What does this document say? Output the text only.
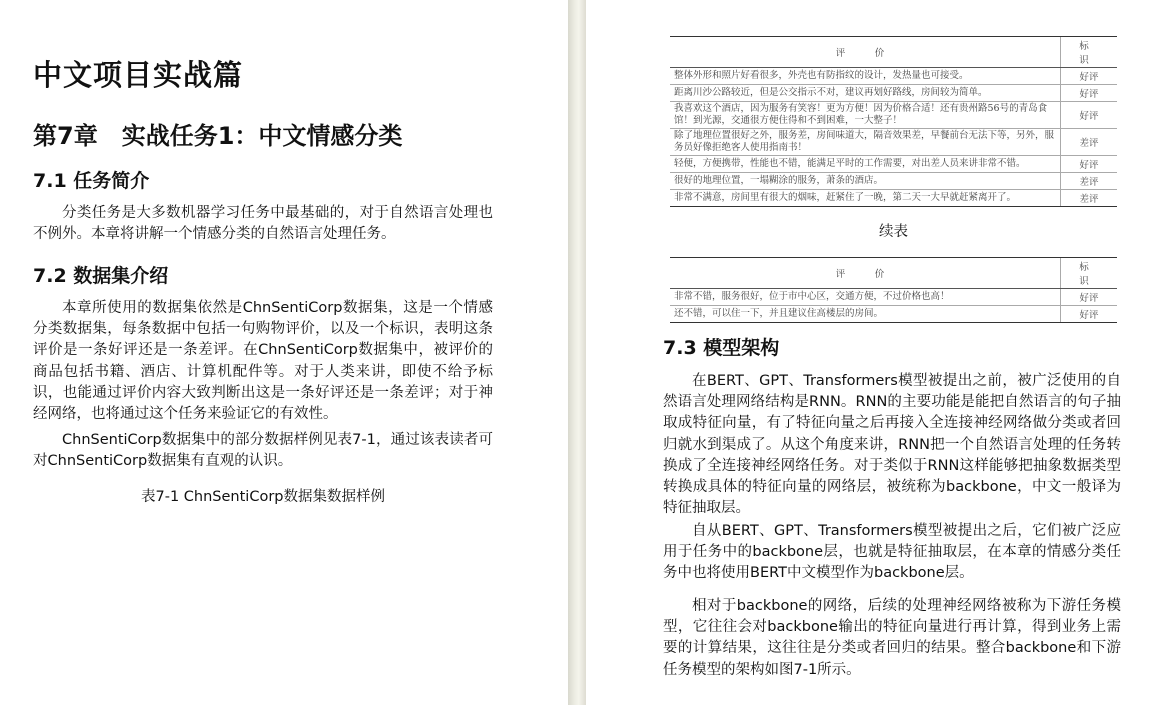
中文项目实战篇
第7章　实战任务1：中文情感分类
7.1 任务简介

分类任务是大多数机器学习任务中最基础的，对于自然语言处理也不例外。本章将讲解一个情感分类的自然语言处理任务。

7.2 数据集介绍

本章所使用的数据集依然是ChnSentiCorp数据集，这是一个情感分类数据集，每条数据中包括一句购物评价，以及一个标识，表明这条评价是一条好评还是一条差评。在ChnSentiCorp数据集中，被评价的商品包括书籍、酒店、计算机配件等。对于人类来讲，即使不给予标识，也能通过评价内容大致判断出这是一条好评还是一条差评；对于神经网络，也将通过这个任务来验证它的有效性。

ChnSentiCorp数据集中的部分数据样例见表7-1，通过该表读者可对ChnSentiCorp数据集有直观的认识。

表7-1 ChnSentiCorp数据集数据样例

评　价	标　识
整体外形和照片好看很多，外壳也有防指纹的设计，发热量也可接受。	好评
距离川沙公路较近，但是公交指示不对，建议再划好路线，房间较为简单。	好评
我喜欢这个酒店，因为服务有笑容！更为方便！因为价格合适！还有贵州路56号的青岛食馆！到光源，交通很方便住得和不到困难，一大整子！	好评
除了地理位置很好之外，服务差，房间味道大，隔音效果差，早餐前台无法下等，另外，服务员好像拒绝客人使用指南书！	差评
轻便，方便携带，性能也不错，能满足平时的工作需要，对出差人员来讲非常不错。	好评
很好的地理位置，一塌糊涂的服务，萧条的酒店。	差评
非常不满意，房间里有很大的烟味，赶紧住了一晚，第二天一大早就赶紧离开了。	差评

续表

评　价	标　识
非常不错，服务很好，位于市中心区，交通方便，不过价格也高！	好评
还不错，可以住一下，并且建议住高楼层的房间。	好评
7.3 模型架构

在BERT、GPT、Transformers模型被提出之前，被广泛使用的自然语言处理网络结构是RNN。RNN的主要功能是能把自然语言的句子抽取成特征向量，有了特征向量之后再接入全连接神经网络做分类或者回归就水到渠成了。从这个角度来讲，RNN把一个自然语言处理的任务转换成了全连接神经网络任务。对于类似于RNN这样能够把抽象数据类型转换成具体的特征向量的网络层，被统称为backbone，中文一般译为特征抽取层。

自从BERT、GPT、Transformers模型被提出之后，它们被广泛应用于任务中的backbone层，也就是特征抽取层，在本章的情感分类任务中也将使用BERT中文模型作为backbone层。

相对于backbone的网络，后续的处理神经网络被称为下游任务模型，它往往会对backbone输出的特征向量进行再计算，得到业务上需要的计算结果，这往往是分类或者回归的结果。整合backbone和下游任务模型的架构如图7-1所示。
